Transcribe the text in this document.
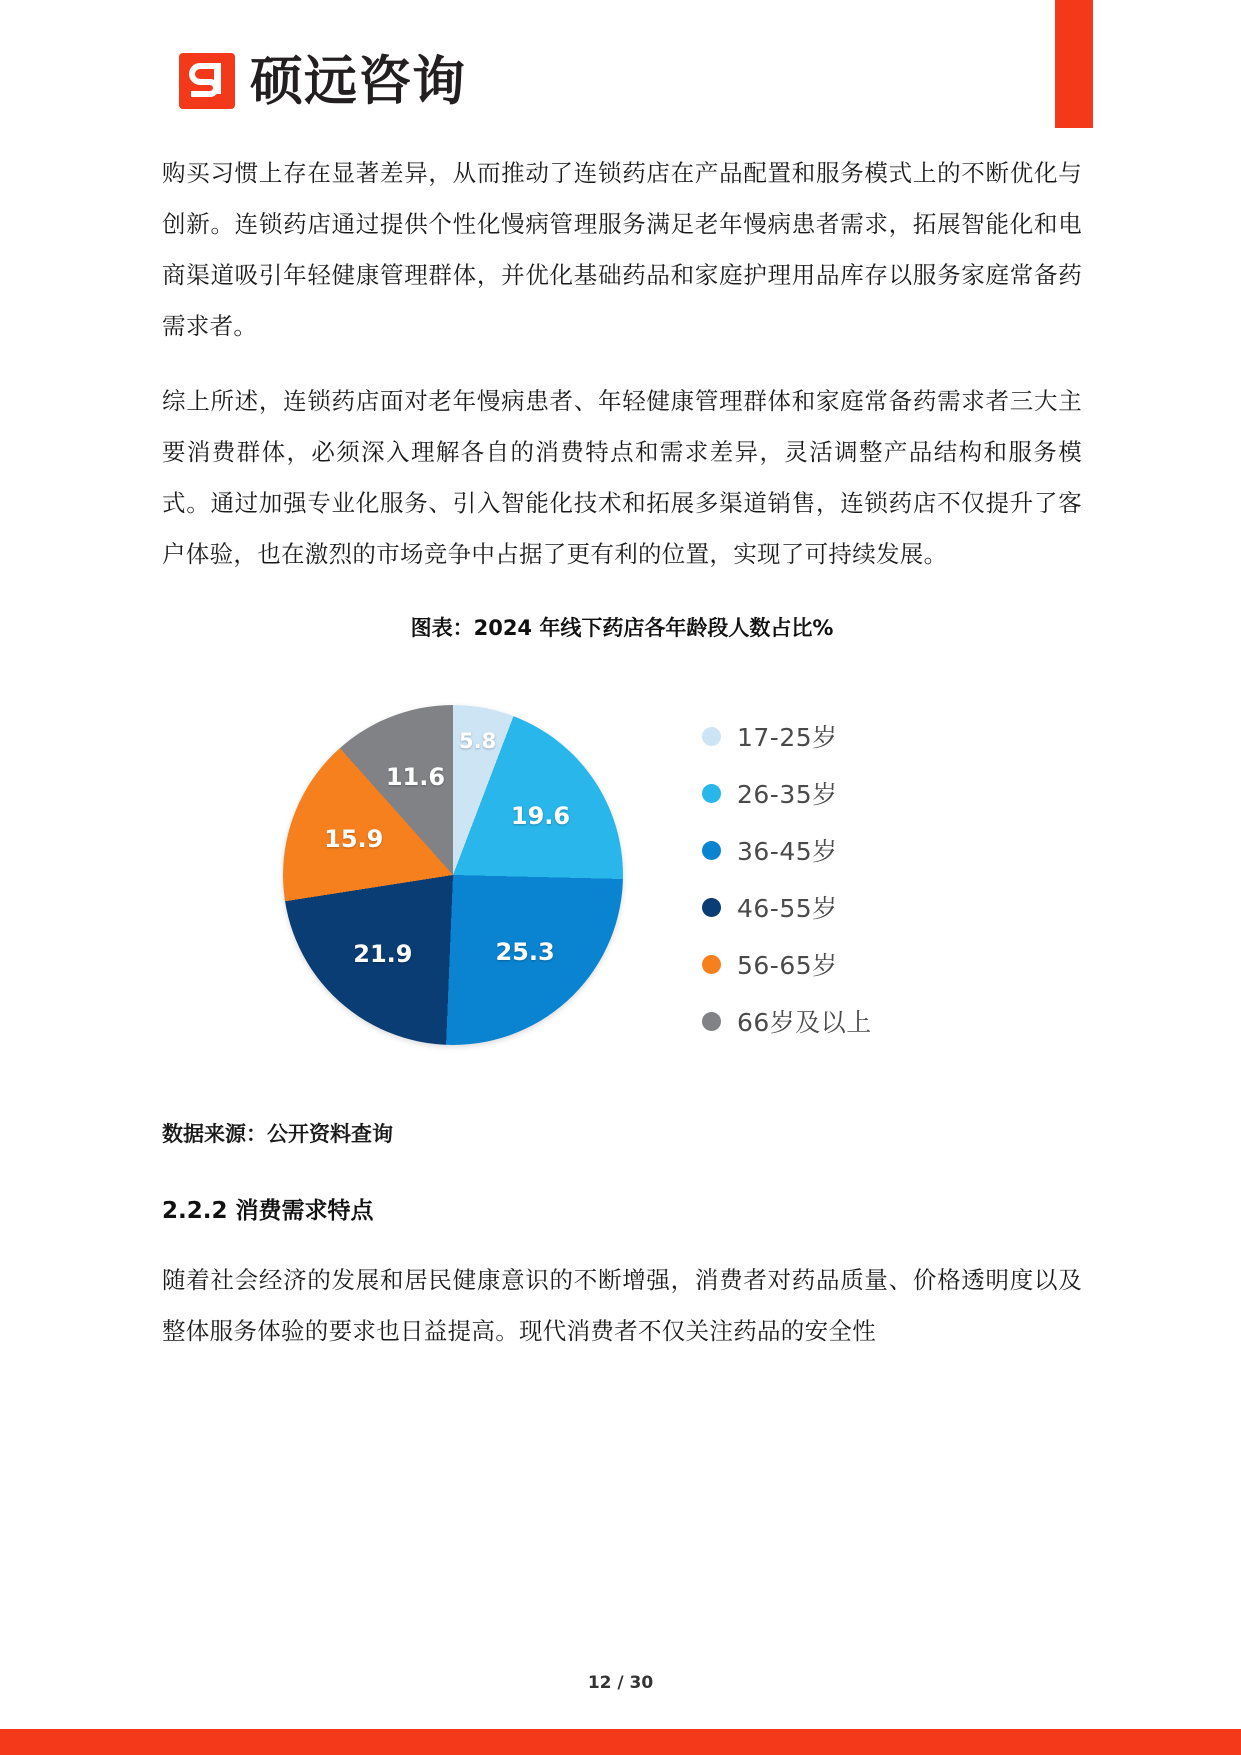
硕远咨询

购买习惯上存在显著差异，从而推动了连锁药店在产品配置和服务模式上的不断优化与创新。连锁药店通过提供个性化慢病管理服务满足老年慢病患者需求，拓展智能化和电商渠道吸引年轻健康管理群体，并优化基础药品和家庭护理用品库存以服务家庭常备药需求者。

综上所述，连锁药店面对老年慢病患者、年轻健康管理群体和家庭常备药需求者三大主要消费群体，必须深入理解各自的消费特点和需求差异，灵活调整产品结构和服务模式。通过加强专业化服务、引入智能化技术和拓展多渠道销售，连锁药店不仅提升了客户体验，也在激烈的市场竞争中占据了更有利的位置，实现了可持续发展。

图表：2024 年线下药店各年龄段人数占比%
5.8
19.6
25.3
21.9
15.9
11.6
17-25岁
26-35岁
36-45岁
46-55岁
56-65岁
66岁及以上

数据来源：公开资料查询

2.2.2 消费需求特点

随着社会经济的发展和居民健康意识的不断增强，消费者对药品质量、价格透明度以及整体服务体验的要求也日益提高。现代消费者不仅关注药品的安全性

12 / 30
